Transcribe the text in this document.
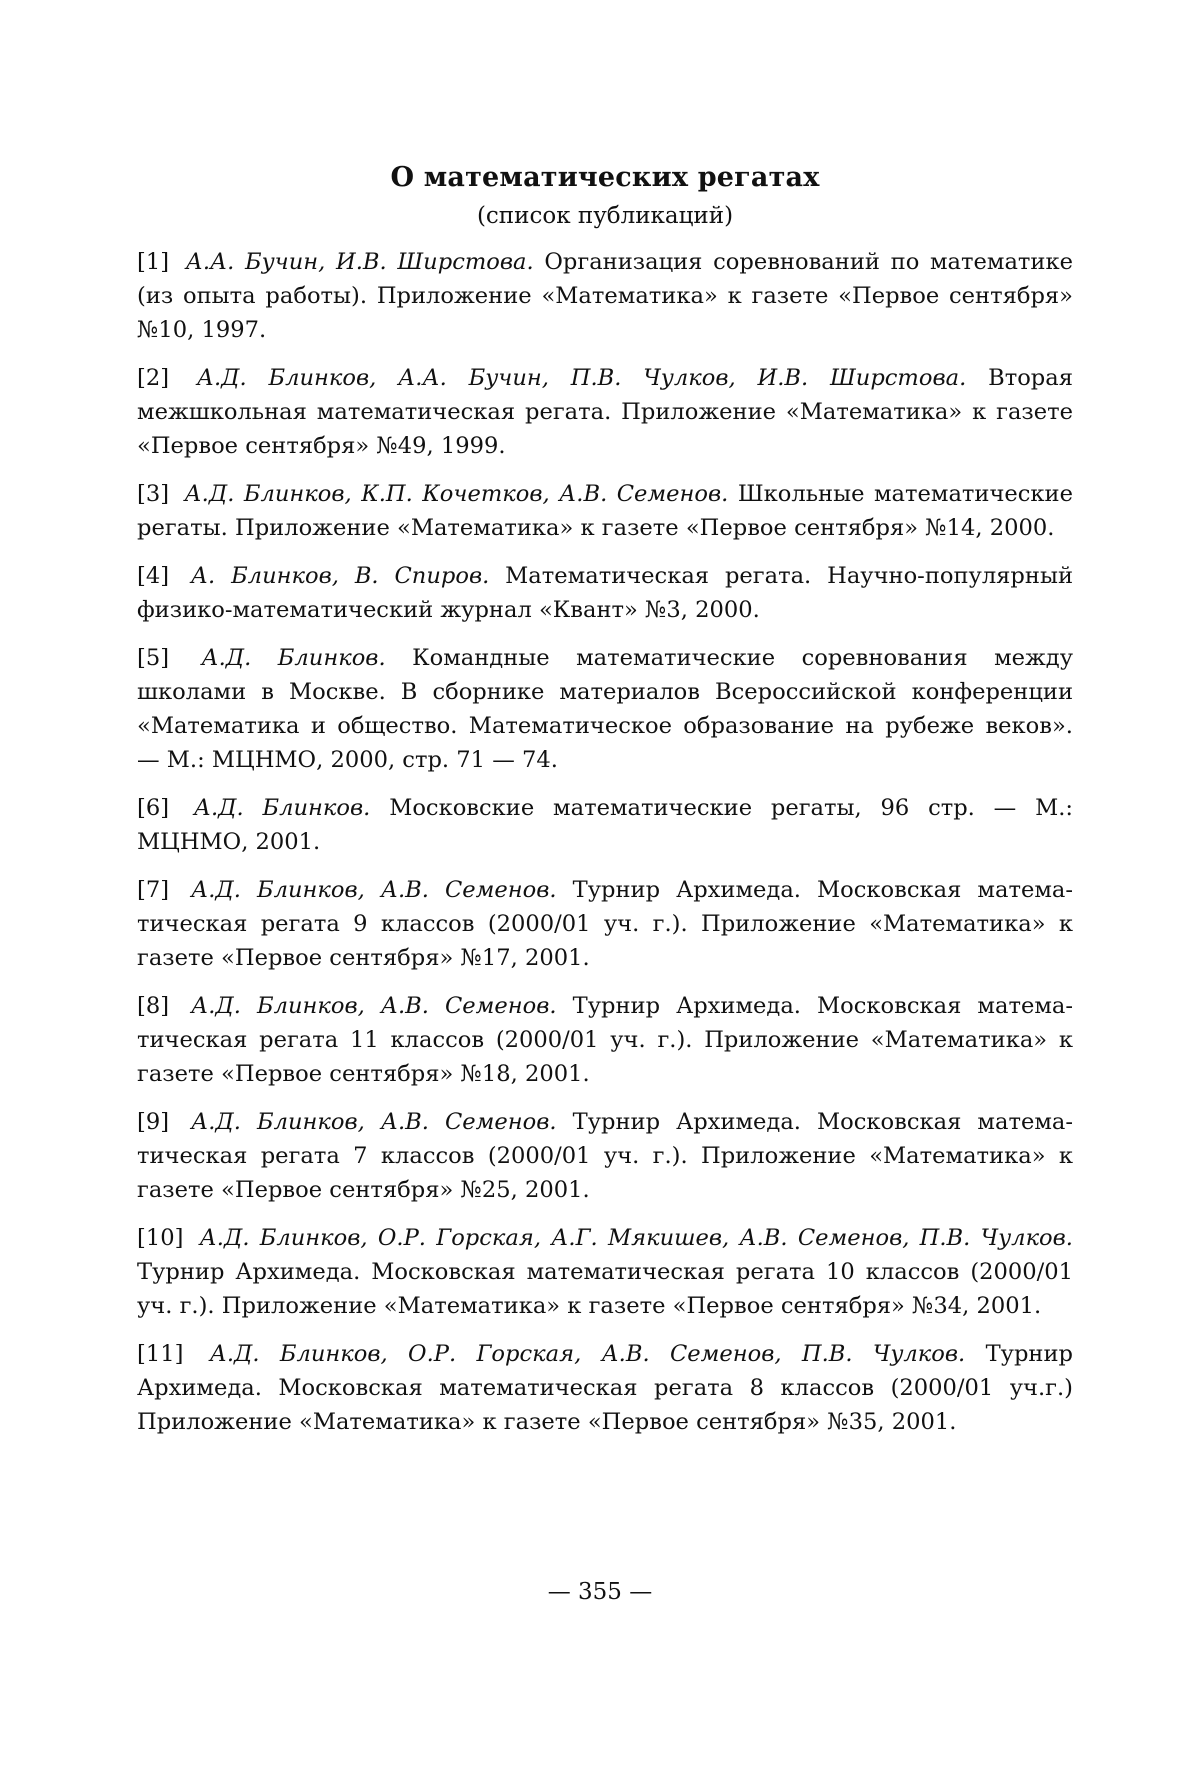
О математических регатах
(список публикаций)
[1] А.А. Бучин, И.В. Ширстова. Организация соревнований по математике (из опыта работы). Приложение «Математика» к газете «Первое сентября» №10, 1997.
[2] А.Д. Блинков, А.А. Бучин, П.В. Чулков, И.В. Ширстова. Вторая межшкольная математическая регата. Приложение «Математика» к газете «Первое сентября» №49, 1999.
[3] А.Д. Блинков, К.П. Кочетков, А.В. Семенов. Школьные математические регаты. Приложение «Математика» к газете «Первое сентября» №14, 2000.
[4] А. Блинков, В. Спиров. Математическая регата. Научно-популярный физико-математический журнал «Квант» №3, 2000.
[5] А.Д. Блинков. Командные математические соревнования между школами в Москве. В сборнике материалов Всероссийской конференции «Математика и общество. Математическое образование на рубеже веков». — М.: МЦНМО, 2000, стр. 71 — 74.
[6] А.Д. Блинков. Московские математические регаты, 96 стр. — М.: МЦНМО, 2001.
[7] А.Д. Блинков, А.В. Семенов. Турнир Архимеда. Московская математическая регата 9 классов (2000/01 уч. г.). Приложение «Математика» к газете «Первое сентября» №17, 2001.
[8] А.Д. Блинков, А.В. Семенов. Турнир Архимеда. Московская математическая регата 11 классов (2000/01 уч. г.). Приложение «Математика» к газете «Первое сентября» №18, 2001.
[9] А.Д. Блинков, А.В. Семенов. Турнир Архимеда. Московская математическая регата 7 классов (2000/01 уч. г.). Приложение «Математика» к газете «Первое сентября» №25, 2001.
[10] А.Д. Блинков, О.Р. Горская, А.Г. Мякишев, А.В. Семенов, П.В. Чулков. Турнир Архимеда. Московская математическая регата 10 классов (2000/01 уч. г.). Приложение «Математика» к газете «Первое сентября» №34, 2001.
[11] А.Д. Блинков, О.Р. Горская, А.В. Семенов, П.В. Чулков. Турнир Архимеда. Московская математическая регата 8 классов (2000/01 уч.г.) Приложение «Математика» к газете «Первое сентября» №35, 2001.
— 355 —
